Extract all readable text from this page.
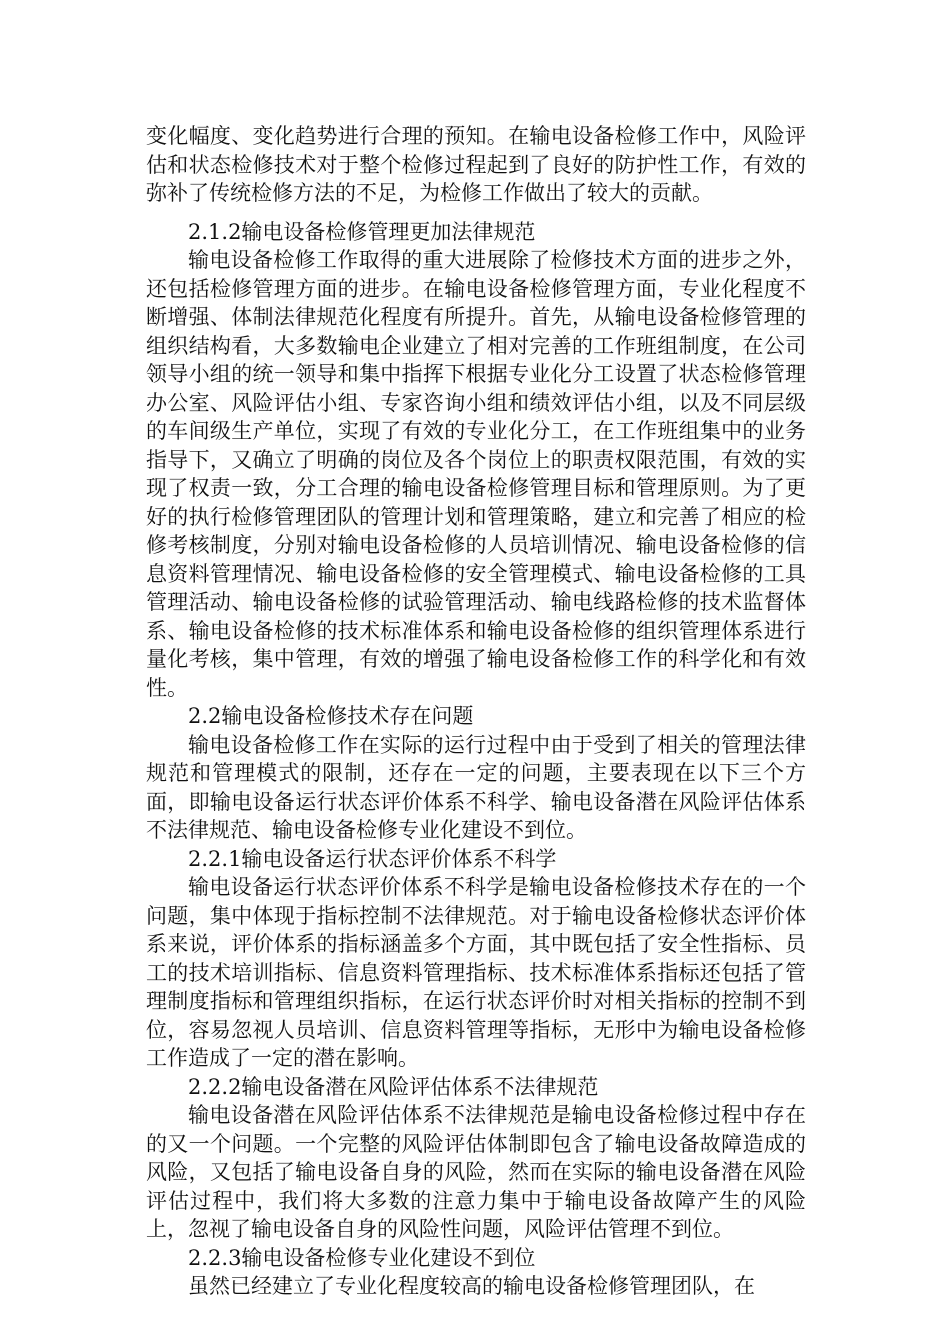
变化幅度、变化趋势进行合理的预知。在输电设备检修工作中，风险评估和状态检修技术对于整个检修过程起到了良好的防护性工作，有效的弥补了传统检修方法的不足，为检修工作做出了较大的贡献。

2.1.2输电设备检修管理更加法律规范

输电设备检修工作取得的重大进展除了检修技术方面的进步之外，还包括检修管理方面的进步。在输电设备检修管理方面，专业化程度不断增强、体制法律规范化程度有所提升。首先，从输电设备检修管理的组织结构看，大多数输电企业建立了相对完善的工作班组制度，在公司领导小组的统一领导和集中指挥下根据专业化分工设置了状态检修管理办公室、风险评估小组、专家咨询小组和绩效评估小组，以及不同层级的车间级生产单位，实现了有效的专业化分工，在工作班组集中的业务指导下，又确立了明确的岗位及各个岗位上的职责权限范围，有效的实现了权责一致，分工合理的输电设备检修管理目标和管理原则。为了更好的执行检修管理团队的管理计划和管理策略，建立和完善了相应的检修考核制度，分别对输电设备检修的人员培训情况、输电设备检修的信息资料管理情况、输电设备检修的安全管理模式、输电设备检修的工具管理活动、输电设备检修的试验管理活动、输电线路检修的技术监督体系、输电设备检修的技术标准体系和输电设备检修的组织管理体系进行量化考核，集中管理，有效的增强了输电设备检修工作的科学化和有效性。

2.2输电设备检修技术存在问题

输电设备检修工作在实际的运行过程中由于受到了相关的管理法律规范和管理模式的限制，还存在一定的问题，主要表现在以下三个方面，即输电设备运行状态评价体系不科学、输电设备潜在风险评估体系不法律规范、输电设备检修专业化建设不到位。

2.2.1输电设备运行状态评价体系不科学

输电设备运行状态评价体系不科学是输电设备检修技术存在的一个问题，集中体现于指标控制不法律规范。对于输电设备检修状态评价体系来说，评价体系的指标涵盖多个方面，其中既包括了安全性指标、员工的技术培训指标、信息资料管理指标、技术标准体系指标还包括了管理制度指标和管理组织指标，在运行状态评价时对相关指标的控制不到位，容易忽视人员培训、信息资料管理等指标，无形中为输电设备检修工作造成了一定的潜在影响。

2.2.2输电设备潜在风险评估体系不法律规范

输电设备潜在风险评估体系不法律规范是输电设备检修过程中存在的又一个问题。一个完整的风险评估体制即包含了输电设备故障造成的风险，又包括了输电设备自身的风险，然而在实际的输电设备潜在风险评估过程中，我们将大多数的注意力集中于输电设备故障产生的风险上，忽视了输电设备自身的风险性问题，风险评估管理不到位。

2.2.3输电设备检修专业化建设不到位

虽然已经建立了专业化程度较高的输电设备检修管理团队，在
